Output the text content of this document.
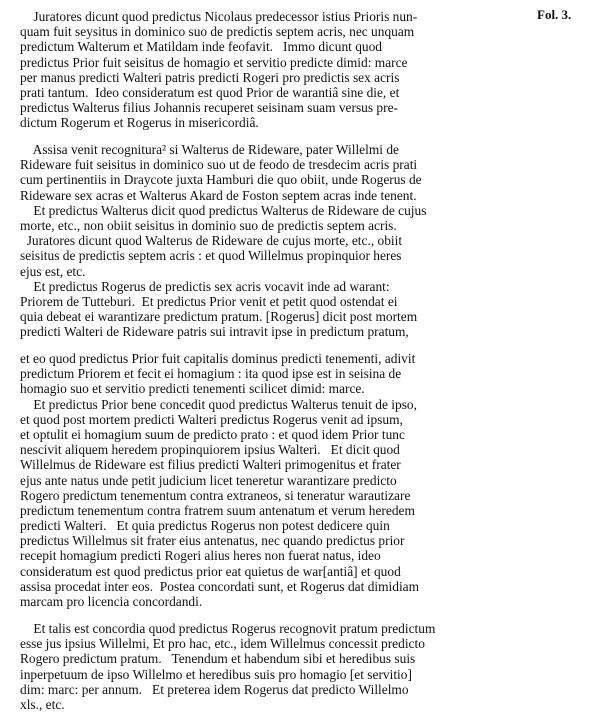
Fol. 3.
Juratores dicunt quod predictus Nicolaus predecessor istius Prioris nun-
quam fuit seysitus in dominico suo de predictis septem acris, nec unquam
predictum Walterum et Matildam inde feofavit.   Immo dicunt quod
predictus Prior fuit seisitus de homagio et servitio predicte dimid: marce
per manus predicti Walteri patris predicti Rogeri pro predictis sex acris
prati tantum.  Ideo consideratum est quod Prior de warantiâ sine die, et
predictus Walterus filius Johannis recuperet seisinam suam versus pre-
dictum Rogerum et Rogerus in misericordiâ.
Assisa venit recognitura² si Walterus de Rideware, pater Willelmi de
Rideware fuit seisitus in dominico suo ut de feodo de tresdecim acris prati
cum pertinentiis in Draycote juxta Hamburi die quo obiit, unde Rogerus de
Rideware sex acras et Walterus Akard de Foston septem acras inde tenent.
Et predictus Walterus dicit quod predictus Walterus de Rideware de cujus
morte, etc., non obiit seisitus in dominio suo de predictis septem acris.
Juratores dicunt quod Walterus de Rideware de cujus morte, etc., obiit
seisitus de predictis septem acris : et quod Willelmus propinquior heres
ejus est, etc.
Et predictus Rogerus de predictis sex acris vocavit inde ad warant:
Priorem de Tutteburi.  Et predictus Prior venit et petit quod ostendat ei
quia debeat ei warantizare predictum pratum. [Rogerus] dicit post mortem
predicti Walteri de Rideware patris sui intravit ipse in predictum pratum,
et eo quod predictus Prior fuit capitalis dominus predicti tenementi, adivit
predictum Priorem et fecit ei homagium : ita quod ipse est in seisina de
homagio suo et servitio predicti tenementi scilicet dimid: marce.
Et predictus Prior bene concedit quod predictus Walterus tenuit de ipso,
et quod post mortem predicti Walteri predictus Rogerus venit ad ipsum,
et optulit ei homagium suum de predicto prato : et quod idem Prior tunc
nescivit aliquem heredem propinquiorem ipsius Walteri.   Et dicit quod
Willelmus de Rideware est filius predicti Walteri primogenitus et frater
ejus ante natus unde petit judicium licet teneretur warantizare predicto
Rogero predictum tenementum contra extraneos, si teneratur warautizare
predictum tenementum contra fratrem suum antenatum et verum heredem
predicti Walteri.   Et quia predictus Rogerus non potest dedicere quin
predictus Willelmus sit frater eius antenatus, nec quando predictus prior
recepit homagium predicti Rogeri alius heres non fuerat natus, ideo
consideratum est quod predictus prior eat quietus de war[antiâ] et quod
assisa procedat inter eos.  Postea concordati sunt, et Rogerus dat dimidiam
marcam pro licencia concordandi.
Et talis est concordia quod predictus Rogerus recognovit pratum predictum
esse jus ipsius Willelmi, Et pro hac, etc., idem Willelmus concessit predicto
Rogero predictum pratum.   Tenendum et habendum sibi et heredibus suis
inperpetuum de ipso Willelmo et heredibus suis pro homagio [et servitio]
dim: marc: per annum.   Et preterea idem Rogerus dat predicto Willelmo
xls., etc.
